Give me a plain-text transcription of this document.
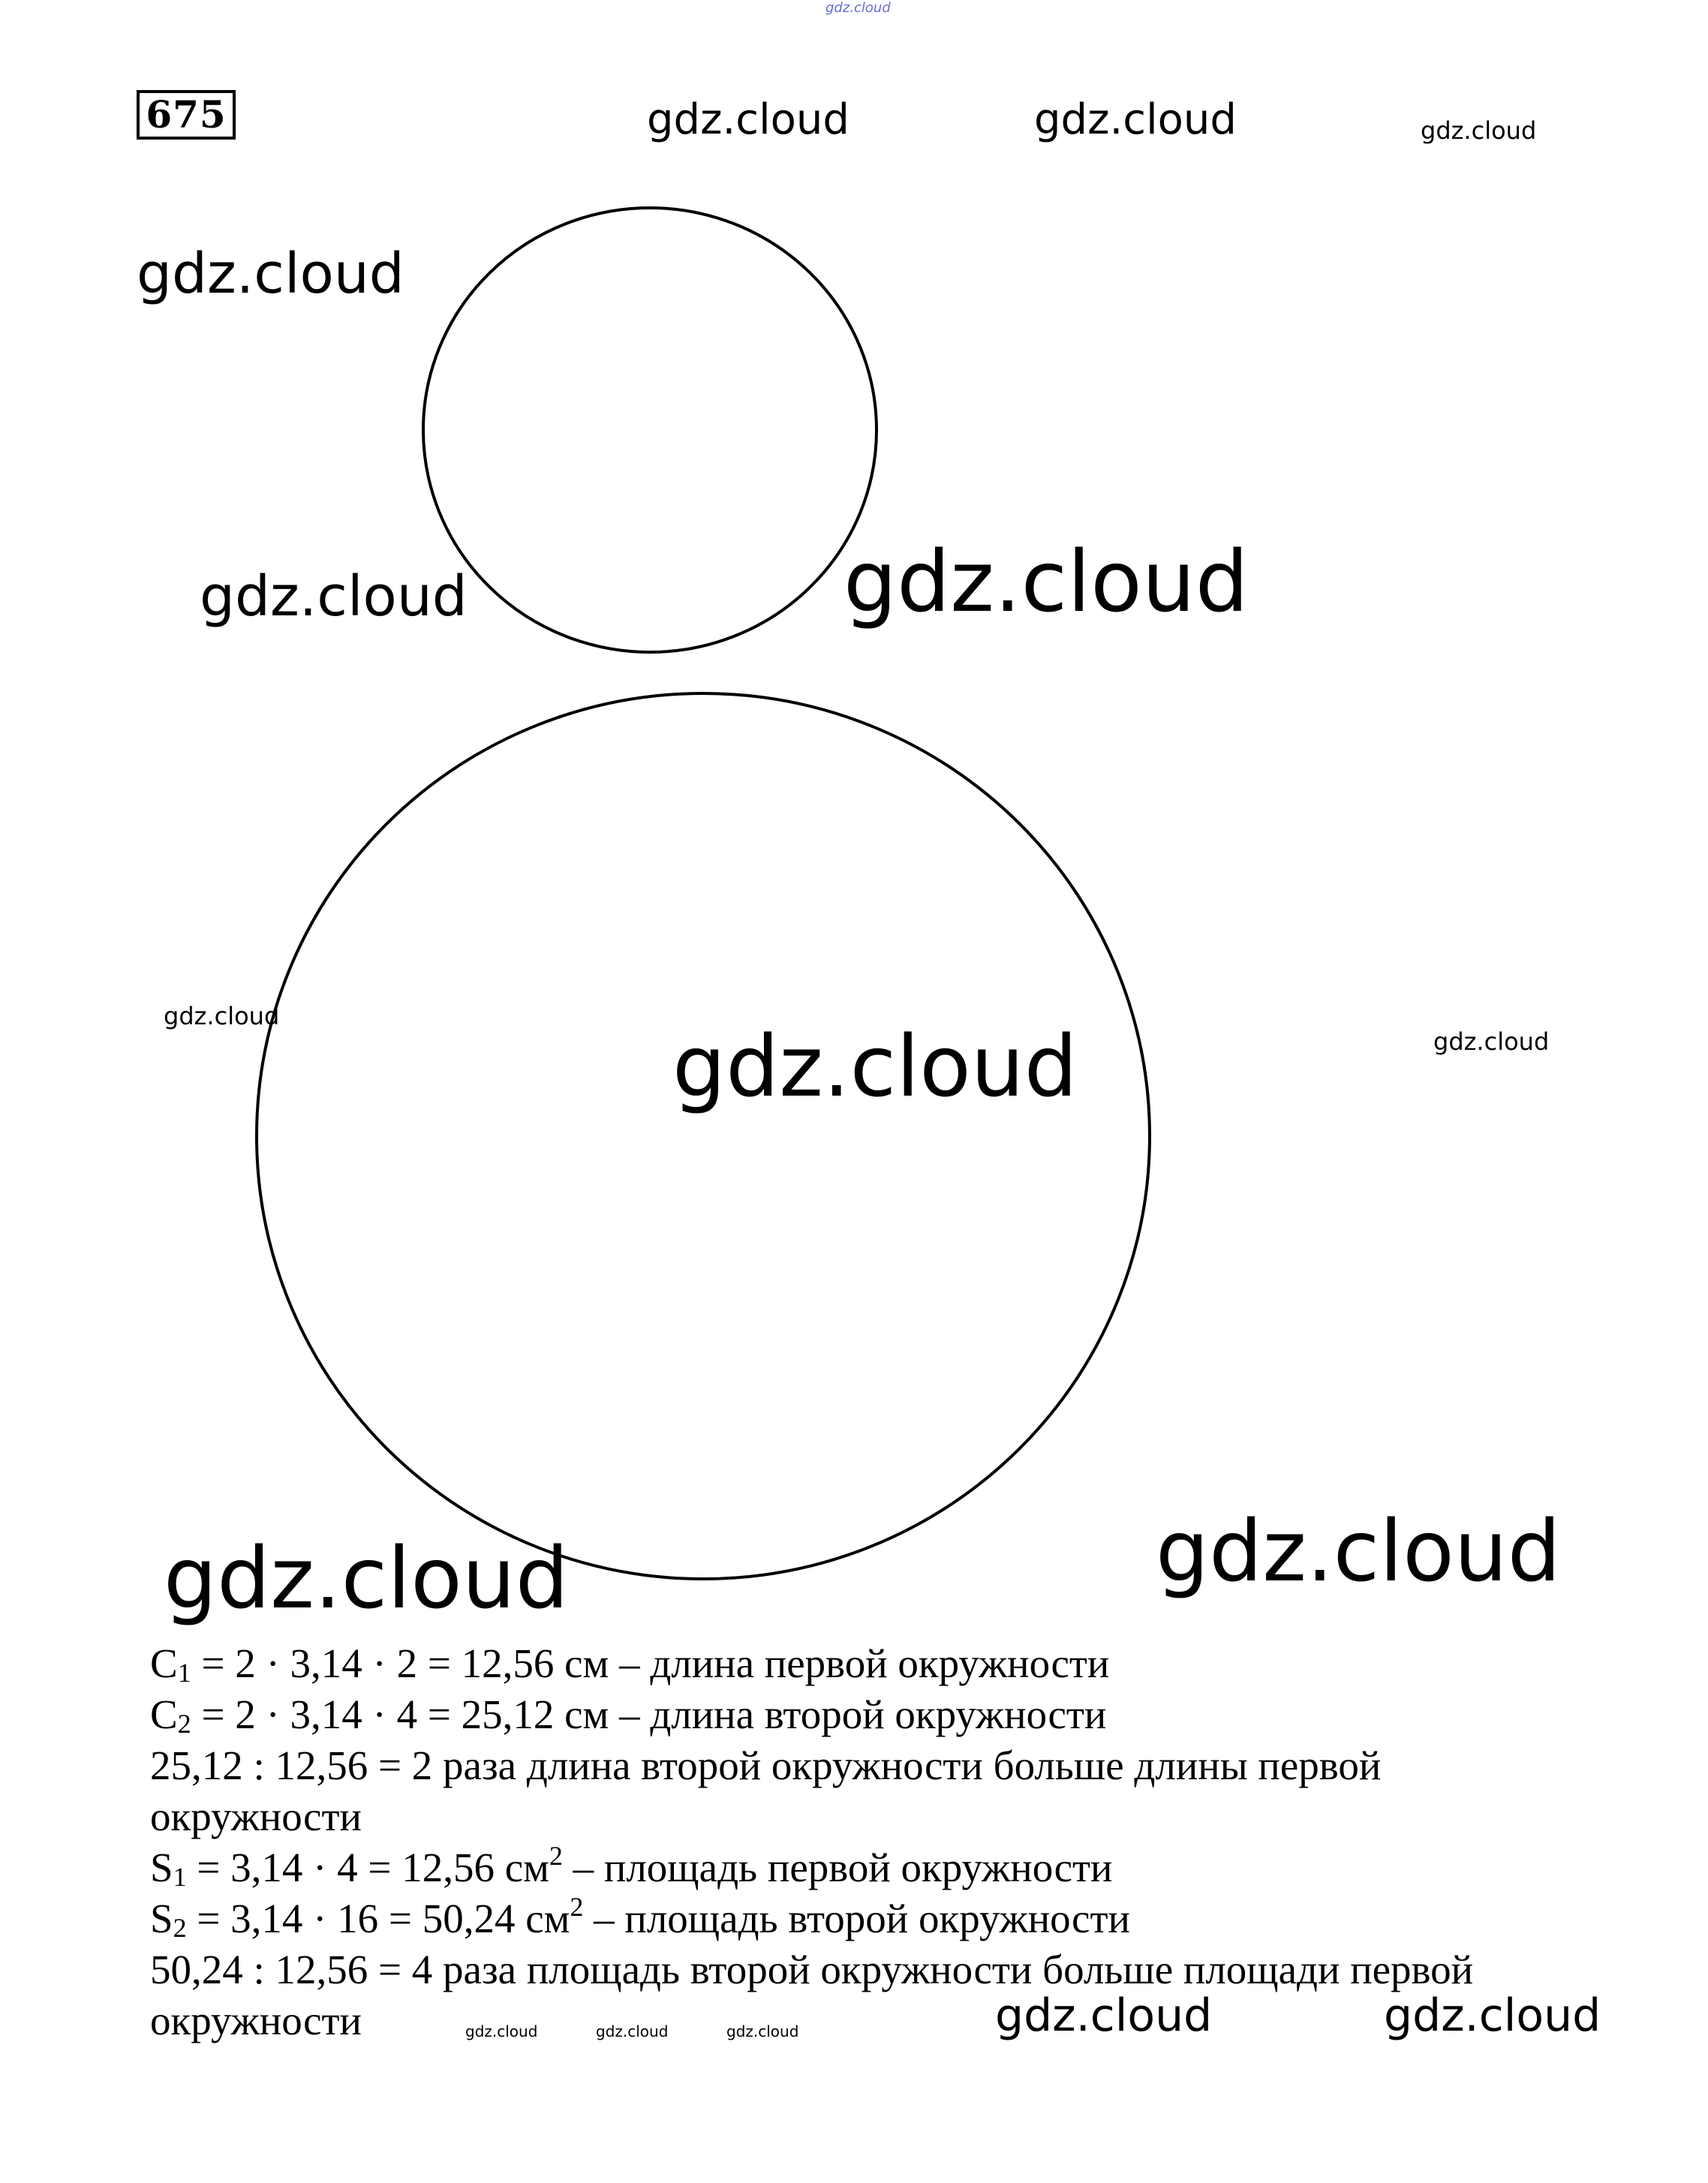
gdz.cloud
675	gdz.cloud	gdz.cloud	gdz.cloud
gdz.cloud
gdz.cloud	gdz.cloud
gdz.cloud
gdz.cloud	gdz.cloud
gdz.cloud	gdz.cloud
gdz.cloud	gdz.cloud	gdz.cloud	gdz.cloud	gdz.cloud
$C_1 = 2 \cdot 3,14 \cdot 2 = 12,56$ см – длина первой окружности
$C_2 = 2 \cdot 3,14 \cdot 4 = 25,12$ см – длина второй окружности
25,12 : 12,56 = 2 раза длина второй окружности больше длины первой
окружности
$S_1 = 3,14 \cdot 4 = 12,56$ $см^2$ – площадь первой окружности
$S_2 = 3,14 \cdot 16 = 50,24$ $см^2$ – площадь второй окружности
50,24 : 12,56 = 4 раза площадь второй окружности больше площади первой
окружности
